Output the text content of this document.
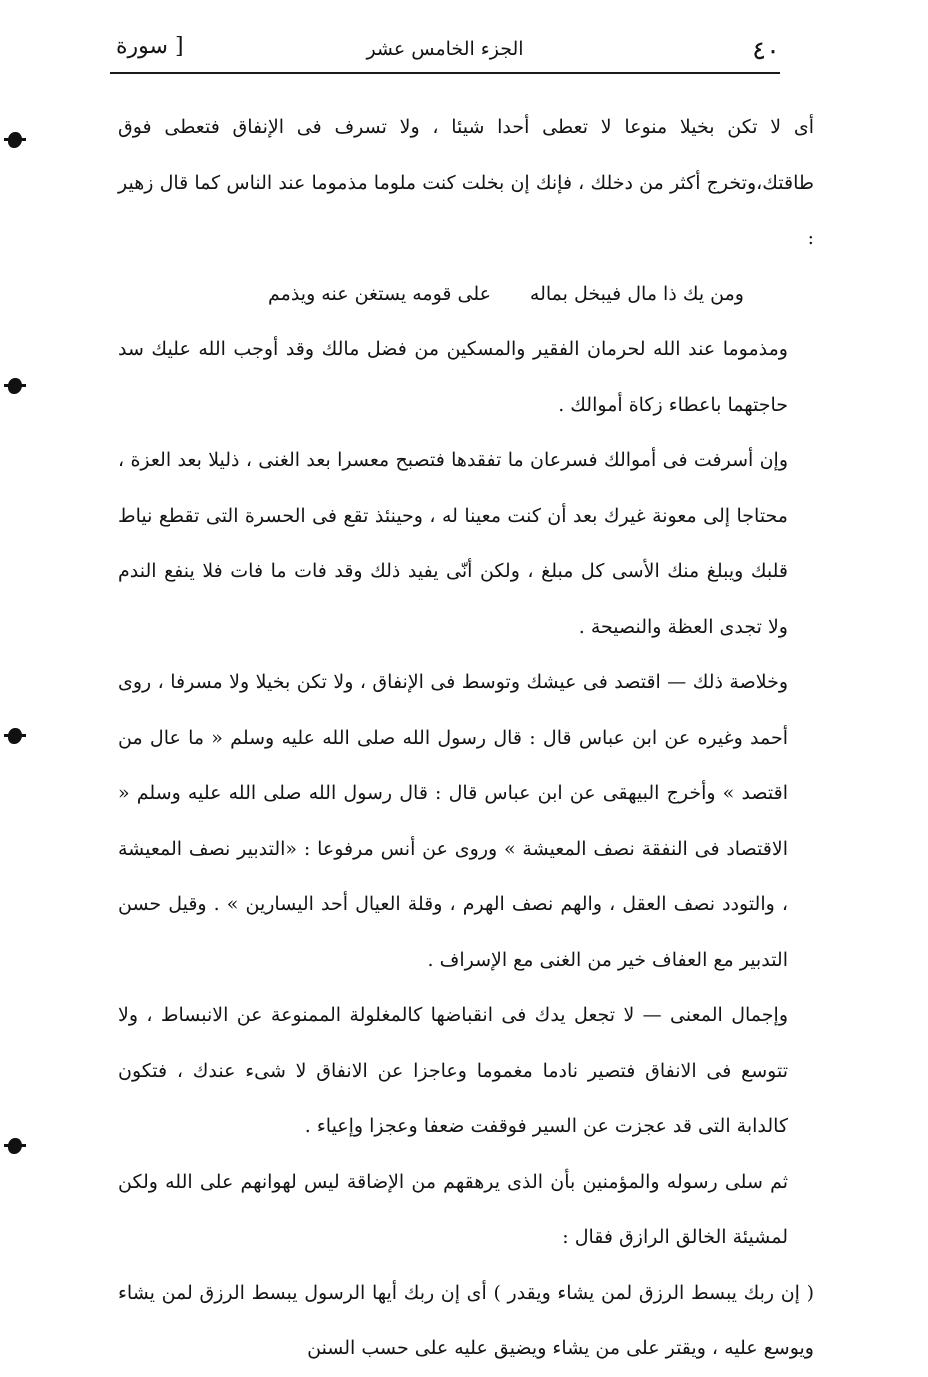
٤٠
الجزء الخامس عشر
[ سورة

أى لا تكن بخيلا منوعا لا تعطى أحدا شيئا ، ولا تسرف فى الإنفاق فتعطى فوق طاقتك،وتخرج أكثر من دخلك ، فإنك إن بخلت كنت ملوما مذموما عند الناس كما قال زهير :

ومن يك ذا مال فيبخل بماله
على قومه يستغن عنه ويذمم

ومذموما عند الله لحرمان الفقير والمسكين من فضل مالك وقد أوجب الله عليك سد حاجتهما باعطاء زكاة أموالك .

وإن أسرفت فى أموالك فسرعان ما تفقدها فتصبح معسرا بعد الغنى ، ذليلا بعد العزة ، محتاجا إلى معونة غيرك بعد أن كنت معينا له ، وحينئذ تقع فى الحسرة التى تقطع نياط قلبك ويبلغ منك الأسى كل مبلغ ، ولكن أنّى يفيد ذلك وقد فات ما فات فلا ينفع الندم ولا تجدى العظة والنصيحة .

وخلاصة ذلك — اقتصد فى عيشك وتوسط فى الإنفاق ، ولا تكن بخيلا ولا مسرفا ، روى أحمد وغيره عن ابن عباس قال : قال رسول الله صلى الله عليه وسلم « ما عال من اقتصد » وأخرج البيهقى عن ابن عباس قال : قال رسول الله صلى الله عليه وسلم « الاقتصاد فى النفقة نصف المعيشة » وروى عن أنس مرفوعا : «التدبير نصف المعيشة ، والتودد نصف العقل ، والهم نصف الهرم ، وقلة العيال أحد اليسارين » . وقيل حسن التدبير مع العفاف خير من الغنى مع الإسراف .

وإجمال المعنى — لا تجعل يدك فى انقباضها كالمغلولة الممنوعة عن الانبساط ، ولا تتوسع فى الانفاق فتصير نادما مغموما وعاجزا عن الانفاق لا شىء عندك ، فتكون كالدابة التى قد عجزت عن السير فوقفت ضعفا وعجزا وإعياء .

ثم سلى رسوله والمؤمنين بأن الذى يرهقهم من الإضاقة ليس لهوانهم على الله ولكن لمشيئة الخالق الرازق فقال :

( إن ربك يبسط الرزق لمن يشاء ويقدر ) أى إن ربك أيها الرسول يبسط الرزق لمن يشاء ويوسع عليه ، ويقتر على من يشاء ويضيق عليه على حسب السنن
